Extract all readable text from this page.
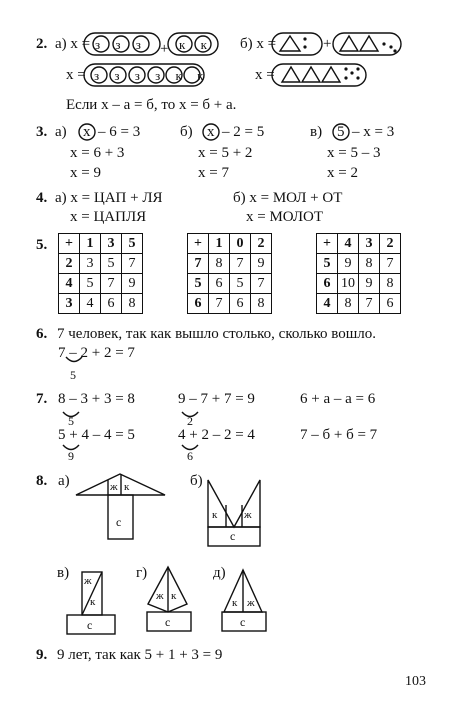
2. а) x =	+
з з з к к
x = з з з з к к
б) x =	+
x =
Если x – a = б, то x = б + a.
3. а) x – 6 = 3
x = 6 + 3
x = 9
б) x – 2 = 5
x = 5 + 2
x = 7
в) 5 – x = 3
x = 5 – 3
x = 2
4. а) x = ЦАП + ЛЯ
x = ЦАПЛЯ
б) x = МОЛ + ОТ
x = МОЛОТ
5. +	1	3	5
2	3	5	7
4	5	7	9
3	4	6	8
+	1	0	2
7	8	7	9
5	6	5	7
6	7	6	8
+	4	3	2
5	9	8	7
6	10	9	8
4	8	7	6
6. 7 человек, так как вышло столько, сколько вошло.
7 – 2 + 2 = 7
5
7. 8 – 3 + 3 = 8
5
9 – 7 + 7 = 9
2
6 + a – a = 6
5 + 4 – 4 = 5
9
4 + 2 – 2 = 4
6
7 – б + б = 7
8. а)	б)
в)	г)	д)
ж к
с	к ж
с
ж
к
с
ж к
с
к ж
с
9. 9 лет, так как 5 + 1 + 3 = 9
103
